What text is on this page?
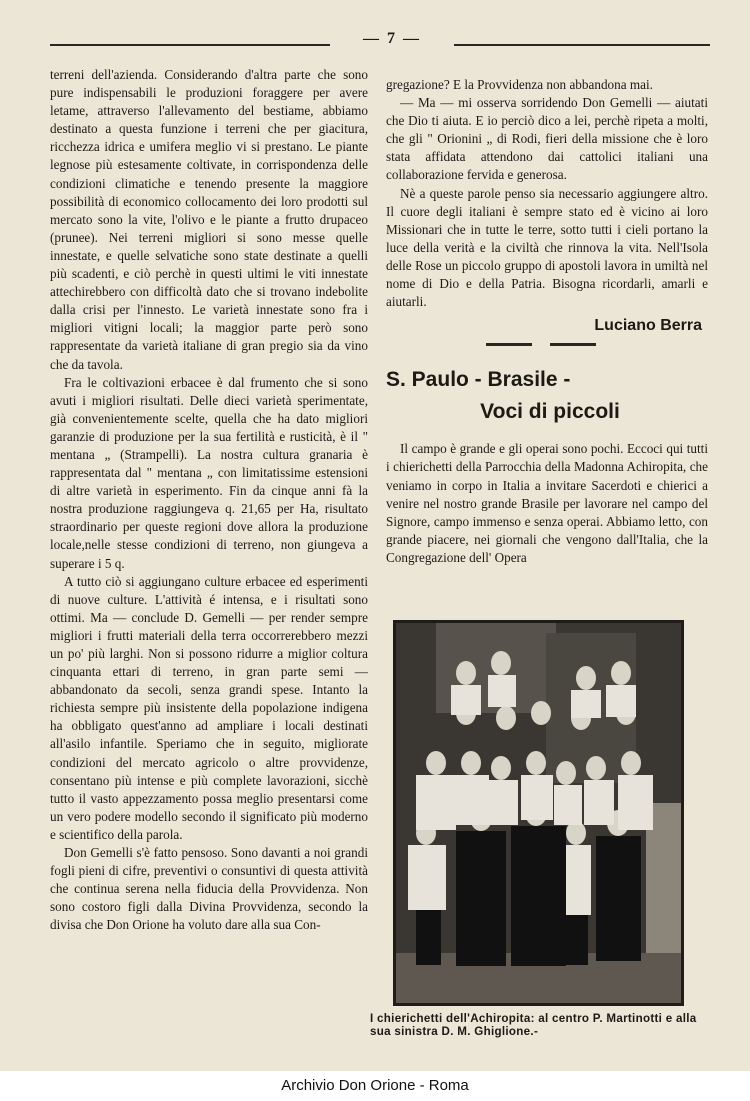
— 7 —

terreni dell'azienda. Considerando d'altra parte che sono pure indispensabili le produzioni foraggere per avere letame, attraverso l'allevamento del bestiame, abbiamo destinato a questa funzione i terreni che per giacitura, ricchezza idrica e umifera meglio vi si prestano. Le piante legnose più estesamente coltivate, in corrispondenza delle condizioni climatiche e tenendo presente la maggiore possibilità di economico collocamento dei loro prodotti sul mercato sono la vite, l'olivo e le piante a frutto drupaceo (prunee). Nei terreni migliori si sono messe quelle innestate, e quelle selvatiche sono state destinate a quelli più scadenti, e ciò perchè in questi ultimi le viti innestate attechirebbero con difficoltà dato che si trovano indebolite dalla crisi per l'innesto. Le varietà innestate sono fra i migliori vitigni locali; la maggior parte però sono rappresentate da varietà italiane di gran pregio sia da vino che da tavola.

Fra le coltivazioni erbacee è dal frumento che si sono avuti i migliori risultati. Delle dieci varietà sperimentate, già convenientemente scelte, quella che ha dato migliori garanzie di produzione per la sua fertilità e rusticità, è il " mentana „ (Strampelli). La nostra cultura granaria è rappresentata dal " mentana „ con limitatissime estensioni di altre varietà in esperimento. Fin da cinque anni fà la nostra produzione raggiungeva q. 21,65 per Ha, risultato straordinario per queste regioni dove allora la produzione locale,nelle stesse condizioni di terreno, non giungeva a superare i 5 q.

A tutto ciò si aggiungano culture erbacee ed esperimenti di nuove culture. L'attività é intensa, e i risultati sono ottimi. Ma — conclude D. Gemelli — per render sempre migliori i frutti materiali della terra occorrerebbero mezzi un po' più larghi. Non si possono ridurre a miglior coltura cinquanta ettari di terreno, in gran parte semi — abbandonato da secoli, senza grandi spese. Intanto la richiesta sempre più insistente della popolazione indigena ha obbligato quest'anno ad ampliare i locali destinati all'asilo infantile. Speriamo che in seguito, migliorate condizioni del mercato agricolo o altre provvidenze, consentano più intense e più complete lavorazioni, sicchè tutto il vasto appezzamento possa meglio presentarsi come un vero podere modello secondo il significato più moderno e scientifico della parola.

Don Gemelli s'è fatto pensoso. Sono davanti a noi grandi fogli pieni di cifre, preventivi o consuntivi di questa attività che continua serena nella fiducia della Provvidenza. Non sono costoro figli dalla Divina Provvidenza, secondo la divisa che Don Orione ha voluto dare alla sua Con-

gregazione? E la Provvidenza non abbandona mai.

— Ma — mi osserva sorridendo Don Gemelli — aiutati che Dio ti aiuta. E io perciò dico a lei, perchè ripeta a molti, che gli " Orionini „ di Rodi, fieri della missione che è loro stata affidata attendono dai cattolici italiani una collaborazione fervida e generosa.

Nè a queste parole penso sia necessario aggiungere altro. Il cuore degli italiani è sempre stato ed è vicino ai loro Missionari che in tutte le terre, sotto tutti i cieli portano la luce della verità e la civiltà che rinnova la vita. Nell'Isola delle Rose un piccolo gruppo di apostoli lavora in umiltà nel nome di Dio e della Patria. Bisogna ricordarli, amarli e aiutarli.

Luciano Berra
S. Paulo - Brasile -
Voci di piccoli

Il campo è grande e gli operai sono pochi. Eccoci qui tutti i chierichetti della Parrocchia della Madonna Achiropita, che veniamo in corpo in Italia a invitare Sacerdoti e chierici a venire nel nostro grande Brasile per lavorare nel campo del Signore, campo immenso e senza operai. Abbiamo letto, con grande piacere, nei giornali che vengono dall'Italia, che la Congregazione dell' Opera

I chierichetti dell'Achiropita: al centro P. Martinotti e alla sua sinistra D. M. Ghiglione.-
Archivio Don Orione - Roma
